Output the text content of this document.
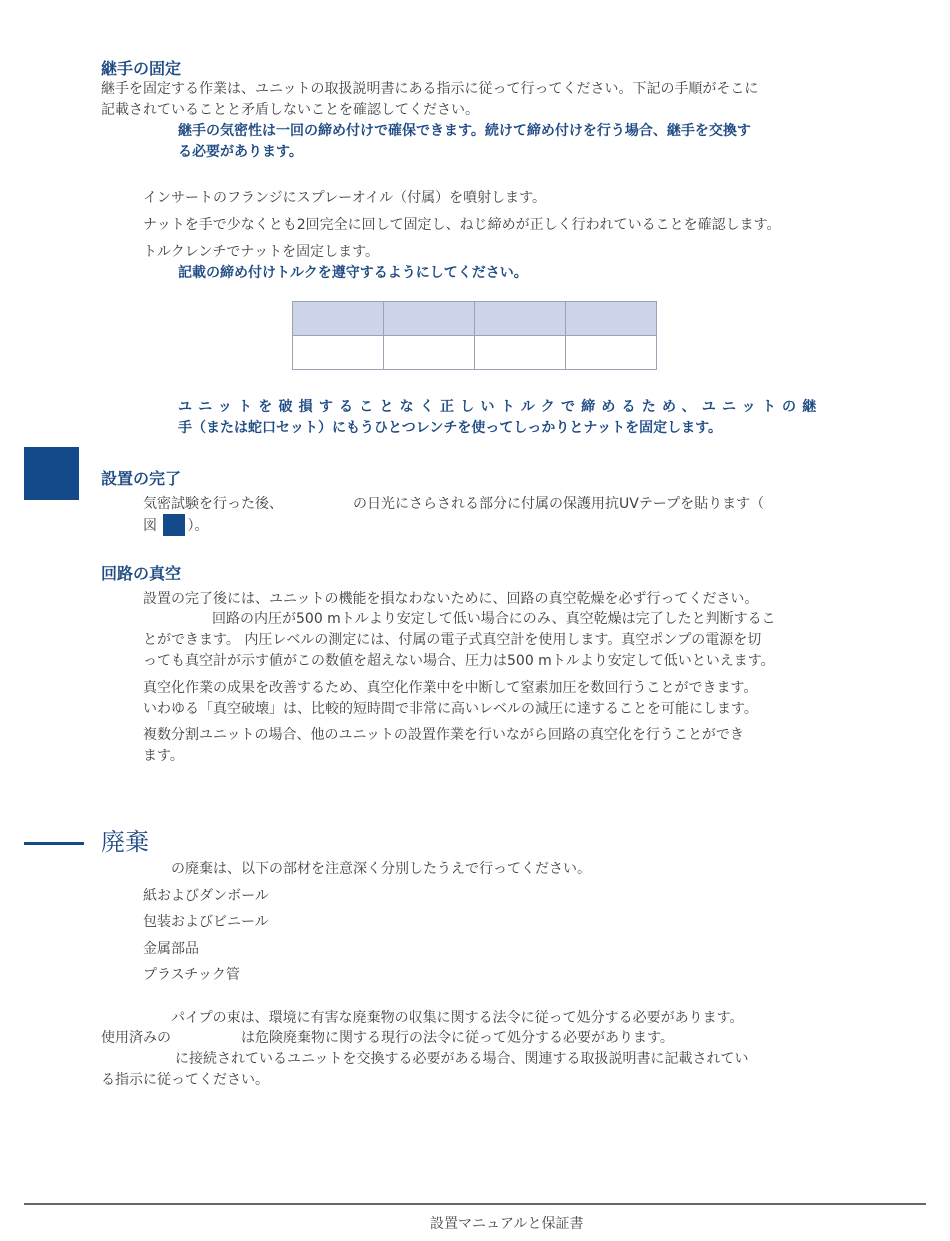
継手の固定
継手を固定する作業は、ユニットの取扱説明書にある指示に従って行ってください。下記の手順がそこに
記載されていることと矛盾しないことを確認してください。
継手の気密性は一回の締め付けで確保できます。続けて締め付けを行う場合、継手を交換す
る必要があります。
インサートのフランジにスプレーオイル（付属）を噴射します。
ナットを手で少なくとも2回完全に回して固定し、ねじ締めが正しく行われていることを確認します。
トルクレンチでナットを固定します。
記載の締め付けトルクを遵守するようにしてください。

ユニットを破損することなく正しいトルクで締めるため、ユニットの継
手（または蛇口セット）にもうひとつレンチを使ってしっかりとナットを固定します。
設置の完了
気密試験を行った後、	の日光にさらされる部分に付属の保護用抗UVテープを貼ります（
図 ）。
回路の真空
設置の完了後には、ユニットの機能を損なわないために、回路の真空乾燥を必ず行ってください。
回路の内圧が500 mトルより安定して低い場合にのみ、真空乾燥は完了したと判断するこ
とができます。 内圧レベルの測定には、付属の電子式真空計を使用します。真空ポンプの電源を切
っても真空計が示す値がこの数値を超えない場合、圧力は500 mトルより安定して低いといえます。
真空化作業の成果を改善するため、真空化作業中を中断して窒素加圧を数回行うことができます。
いわゆる「真空破壊」は、比較的短時間で非常に高いレベルの減圧に達することを可能にします。
複数分割ユニットの場合、他のユニットの設置作業を行いながら回路の真空化を行うことができ
ます。
廃棄
の廃棄は、以下の部材を注意深く分別したうえで行ってください。
紙およびダンボール
包装およびビニール
金属部品
プラスチック管
パイプの束は、環境に有害な廃棄物の収集に関する法令に従って処分する必要があります。
使用済みの	は危険廃棄物に関する現行の法令に従って処分する必要があります。
に接続されているユニットを交換する必要がある場合、関連する取扱説明書に記載されてい
る指示に従ってください。
設置マニュアルと保証書
